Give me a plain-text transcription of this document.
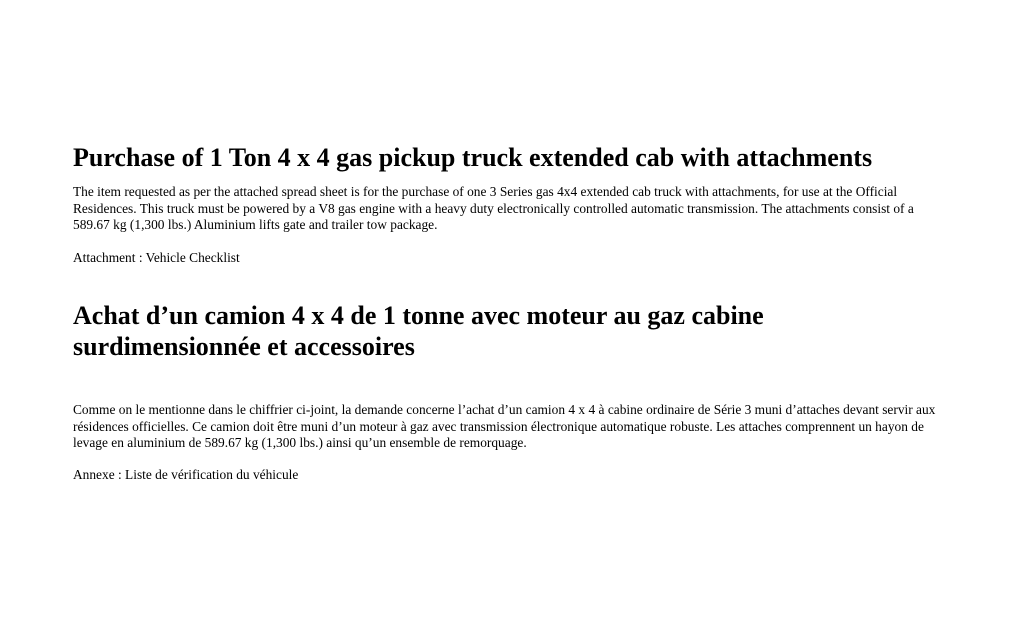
Purchase of 1 Ton 4 x 4 gas pickup truck extended cab with attachments

The item requested as per the attached spread sheet is for the purchase of one 3 Series gas 4x4 extended cab truck with attachments, for use at the Official Residences. This truck must be powered by a V8 gas engine with a heavy duty electronically controlled automatic transmission. The attachments consist of a 589.67 kg (1,300 lbs.) Aluminium lifts gate and trailer tow package.

Attachment : Vehicle Checklist

Achat d’un camion 4 x 4 de 1 tonne avec moteur au gaz cabine surdimensionnée et accessoires

Comme on le mentionne dans le chiffrier ci-joint, la demande concerne l’achat d’un camion 4 x 4 à cabine ordinaire de Série 3 muni d’attaches devant servir aux résidences officielles. Ce camion doit être muni d’un moteur à gaz avec transmission électronique automatique robuste. Les attaches comprennent un hayon de levage en aluminium de 589.67 kg (1,300 lbs.) ainsi qu’un ensemble de remorquage.

Annexe : Liste de vérification du véhicule
